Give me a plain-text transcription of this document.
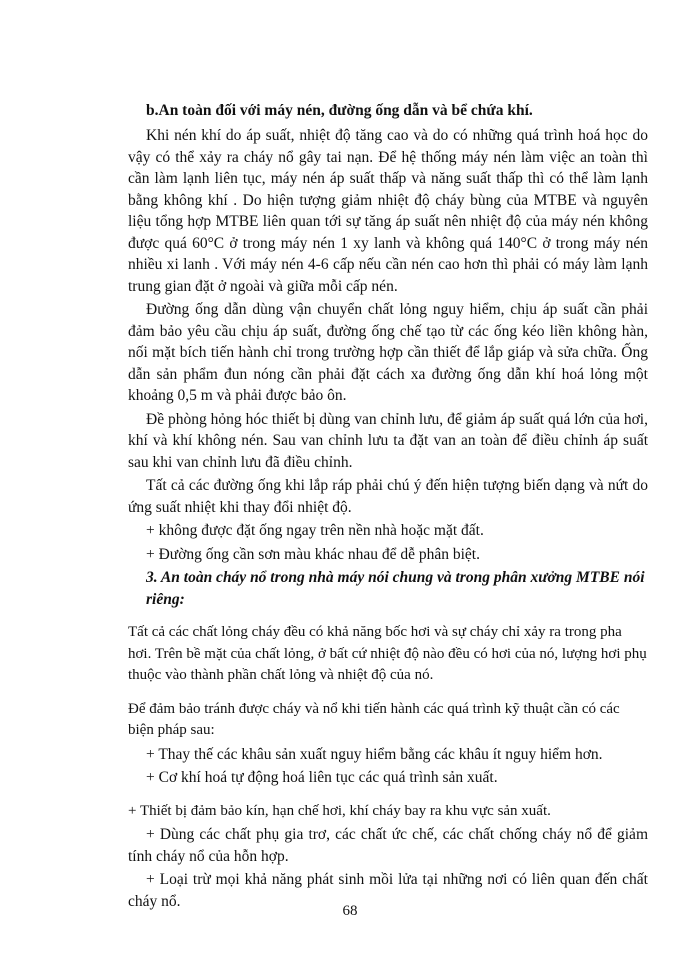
b.An toàn đối với máy nén, đường ống dẫn và bể chứa khí.

Khi nén khí do áp suất, nhiệt độ tăng cao và do có những quá trình hoá học do vậy có thể xảy ra cháy nổ gây tai nạn. Để hệ thống máy nén làm việc an toàn thì cần làm lạnh liên tục, máy nén áp suất thấp và năng suất thấp thì có thể làm lạnh bằng không khí . Do hiện tượng giảm nhiệt độ cháy bùng của MTBE và nguyên liệu tổng hợp MTBE liên quan tới sự tăng áp suất nên nhiệt độ của máy nén không được quá 60°C ở trong máy nén 1 xy lanh và không quá 140°C ở trong máy nén nhiều xi lanh . Với máy nén 4-6 cấp nếu cần nén cao hơn thì phải có máy làm lạnh trung gian đặt ở ngoài và giữa mỗi cấp nén.

Đường ống dẫn dùng vận chuyển chất lỏng nguy hiểm, chịu áp suất cần phải đảm bảo yêu cầu chịu áp suất, đường ống chế tạo từ các ống kéo liền không hàn, nối mặt bích tiến hành chỉ trong trường hợp cần thiết để lắp giáp và sửa chữa. Ống dẫn sản phẩm đun nóng cần phải đặt cách xa đường ống dẫn khí hoá lỏng một khoảng 0,5 m và phải được bảo ôn.

Đề phòng hỏng hóc thiết bị dùng van chỉnh lưu, để giảm áp suất quá lớn của hơi, khí và khí không nén. Sau van chỉnh lưu ta đặt van an toàn để điều chỉnh áp suất sau khi van chỉnh lưu đã điều chỉnh.

Tất cả các đường ống khi lắp ráp phải chú ý đến hiện tượng biến dạng và nứt do ứng suất nhiệt khi thay đổi nhiệt độ.

+ không được đặt ống ngay trên nền nhà hoặc mặt đất.

+ Đường ống cần sơn màu khác nhau để dễ phân biệt.

3. An toàn cháy nổ trong nhà máy nói chung và trong phân xưởng MTBE nói riêng:

Tất cả các chất lỏng cháy đều có khả năng bốc hơi và sự cháy chỉ xảy ra trong pha hơi. Trên bề mặt của chất lỏng, ở bất cứ nhiệt độ nào đều có hơi của nó, lượng hơi phụ thuộc vào thành phần chất lỏng và nhiệt độ của nó.

Để đảm bảo tránh được cháy và nổ khi tiến hành các quá trình kỹ thuật cần có các biện pháp sau:

+ Thay thế các khâu sản xuất nguy hiểm bằng các khâu ít nguy hiểm hơn.

+ Cơ khí hoá tự động hoá liên tục các quá trình sản xuất.

+ Thiết bị đảm bảo kín, hạn chế hơi, khí cháy bay ra khu vực sản xuất.

+ Dùng các chất phụ gia trơ, các chất ức chế, các chất chống cháy nổ để giảm tính cháy nổ của hỗn hợp.

+ Loại trừ mọi khả năng phát sinh mồi lửa tại những nơi có liên quan đến chất cháy nổ.

68
